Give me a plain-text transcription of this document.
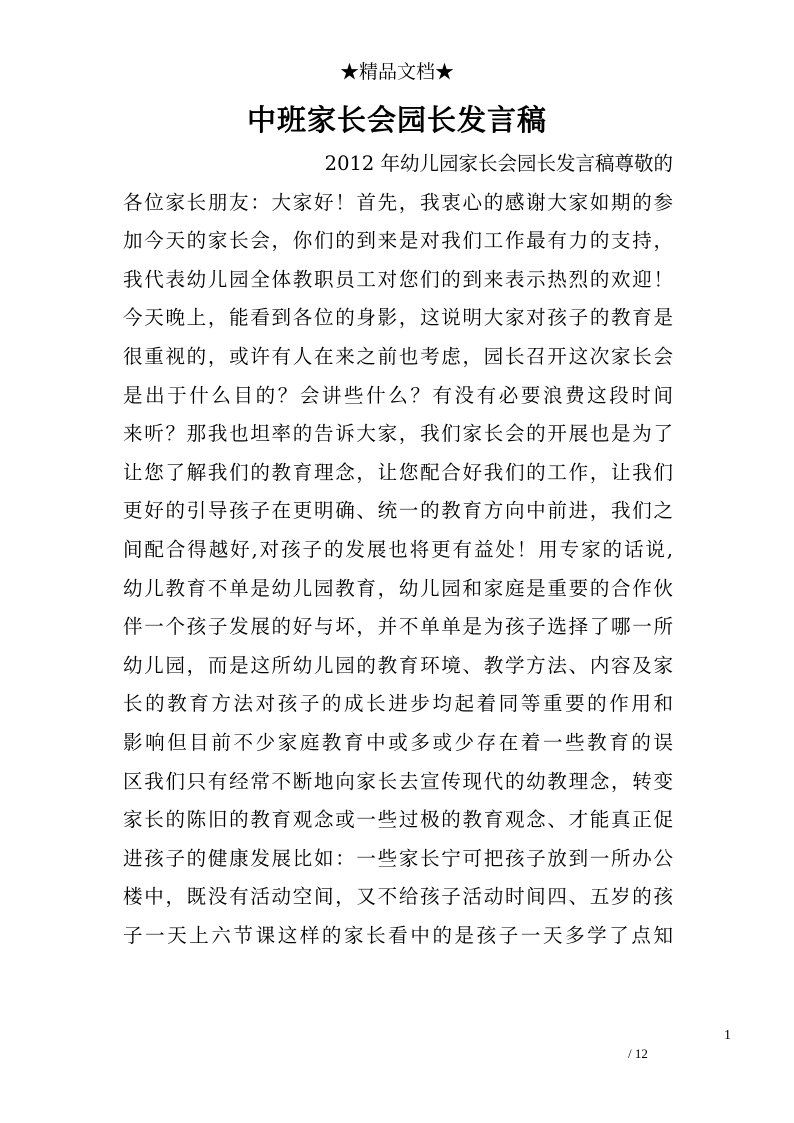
★精品文档★
中班家长会园长发言稿
2012 年幼儿园家长会园长发言稿尊敬的
各位家长朋友：大家好！首先，我衷心的感谢大家如期的参
加今天的家长会，你们的到来是对我们工作最有力的支持，
我代表幼儿园全体教职员工对您们的到来表示热烈的欢迎！
今天晚上，能看到各位的身影，这说明大家对孩子的教育是
很重视的，或许有人在来之前也考虑，园长召开这次家长会
是出于什么目的？会讲些什么？有没有必要浪费这段时间
来听？那我也坦率的告诉大家，我们家长会的开展也是为了
让您了解我们的教育理念，让您配合好我们的工作，让我们
更好的引导孩子在更明确、统一的教育方向中前进，我们之
间配合得越好,对孩子的发展也将更有益处！用专家的话说,
幼儿教育不单是幼儿园教育，幼儿园和家庭是重要的合作伙
伴一个孩子发展的好与坏，并不单单是为孩子选择了哪一所
幼儿园，而是这所幼儿园的教育环境、教学方法、内容及家
长的教育方法对孩子的成长进步均起着同等重要的作用和
影响但目前不少家庭教育中或多或少存在着一些教育的误
区我们只有经常不断地向家长去宣传现代的幼教理念，转变
家长的陈旧的教育观念或一些过极的教育观念、才能真正促
进孩子的健康发展比如：一些家长宁可把孩子放到一所办公
楼中，既没有活动空间，又不给孩子活动时间四、五岁的孩
子一天上六节课这样的家长看中的是孩子一天多学了点知
1
/ 12
